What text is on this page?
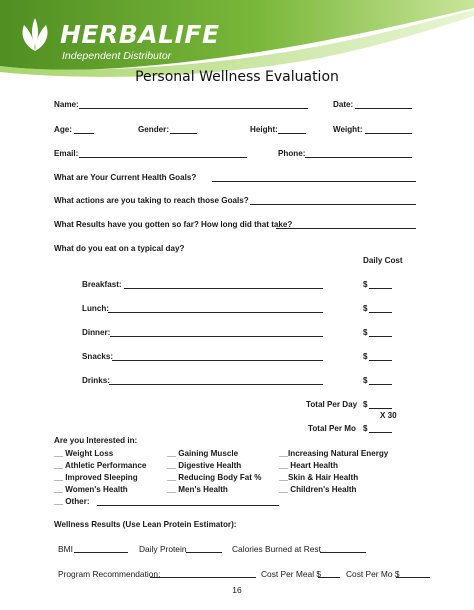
HERBALIFE
Independent Distributor
Personal Wellness Evaluation
Name:	Date:
Age:	Gender:	Height:	Weight:
Email:	Phone:
What are Your Current Health Goals?
What actions are you taking to reach those Goals?
What Results have you gotten so far? How long did that take?
What do you eat on a typical day?
Daily Cost
Breakfast:	$
Lunch:	$
Dinner:	$
Snacks:	$
Drinks:	$
Total Per Day $
X 30
Total Per Mo $
Are you Interested in:
__ Weight Loss
__ Athletic Performance
__ Improved Sleeping
__ Women's Health
__ Other:
__ Gaining Muscle
__ Digestive Health
__ Reducing Body Fat %
__ Men's Health
__Increasing Natural Energy
__ Heart Health
__Skin & Hair Health
__ Children's Health
Wellness Results (Use Lean Protein Estimator):
BMI	Daily Protein	Calories Burned at Rest
Program Recommendation:	Cost Per Meal $	Cost Per Mo $
16
